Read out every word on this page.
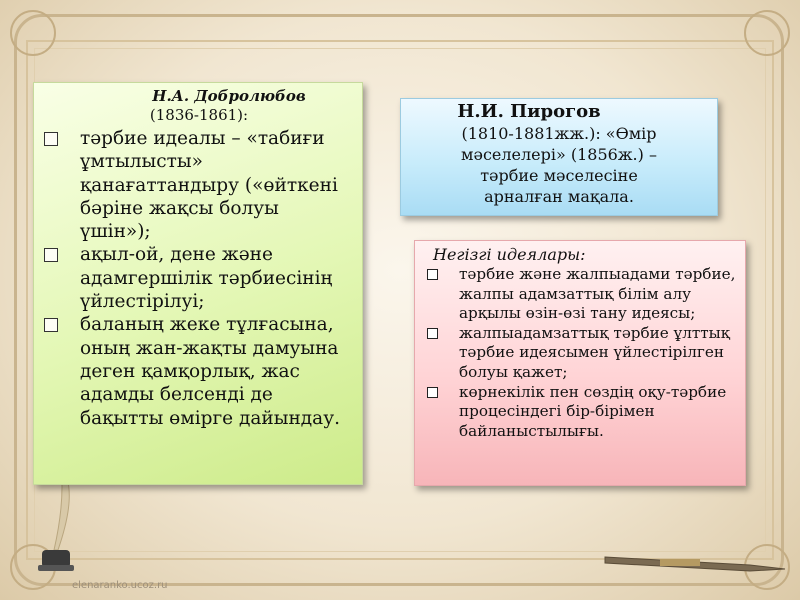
elenaranko.ucoz.ru
Н.А. Добролюбов
(1836-1861):
тәрбие идеалы – «табиғи ұмтылысты» қанағаттандыру («өйткені бәріне жақсы болуы үшін»);
ақыл-ой, дене және адамгершілік тәрбиесінің үйлестірілуі;
баланың жеке тұлғасына, оның жан-жақты дамуына деген қамқорлық, жас адамды белсенді де бақытты өмірге дайындау.
Н.И. Пирогов
(1810-1881жж.): «Өмір
мәселелері» (1856ж.) –
тәрбие мәселесіне
арналған мақала.
Негізгі идеялары:
тәрбие және жалпыадами тәрбие, жалпы адамзаттық білім алу арқылы өзін-өзі тану идеясы;
жалпыадамзаттық тәрбие ұлттық тәрбие идеясымен үйлестірілген болуы қажет;
көрнекілік пен сөздің оқу-тәрбие процесіндегі бір-бірімен байланыстылығы.
